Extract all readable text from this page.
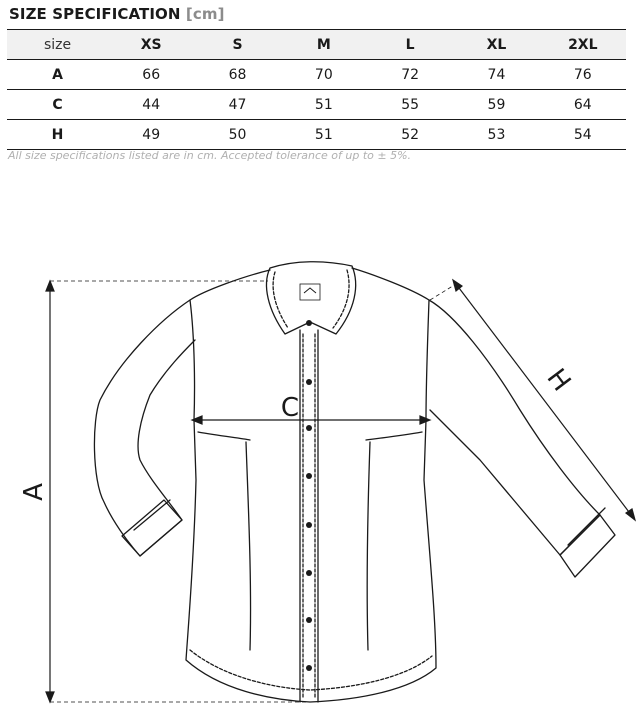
SIZE SPECIFICATION [cm]
size	XS	S	M	L	XL	2XL
A	66	68	70	72	74	76
C	44	47	51	55	59	64
H	49	50	51	52	53	54
All size specifications listed are in cm. Accepted tolerance of up to ± 5%.
A
C
H
